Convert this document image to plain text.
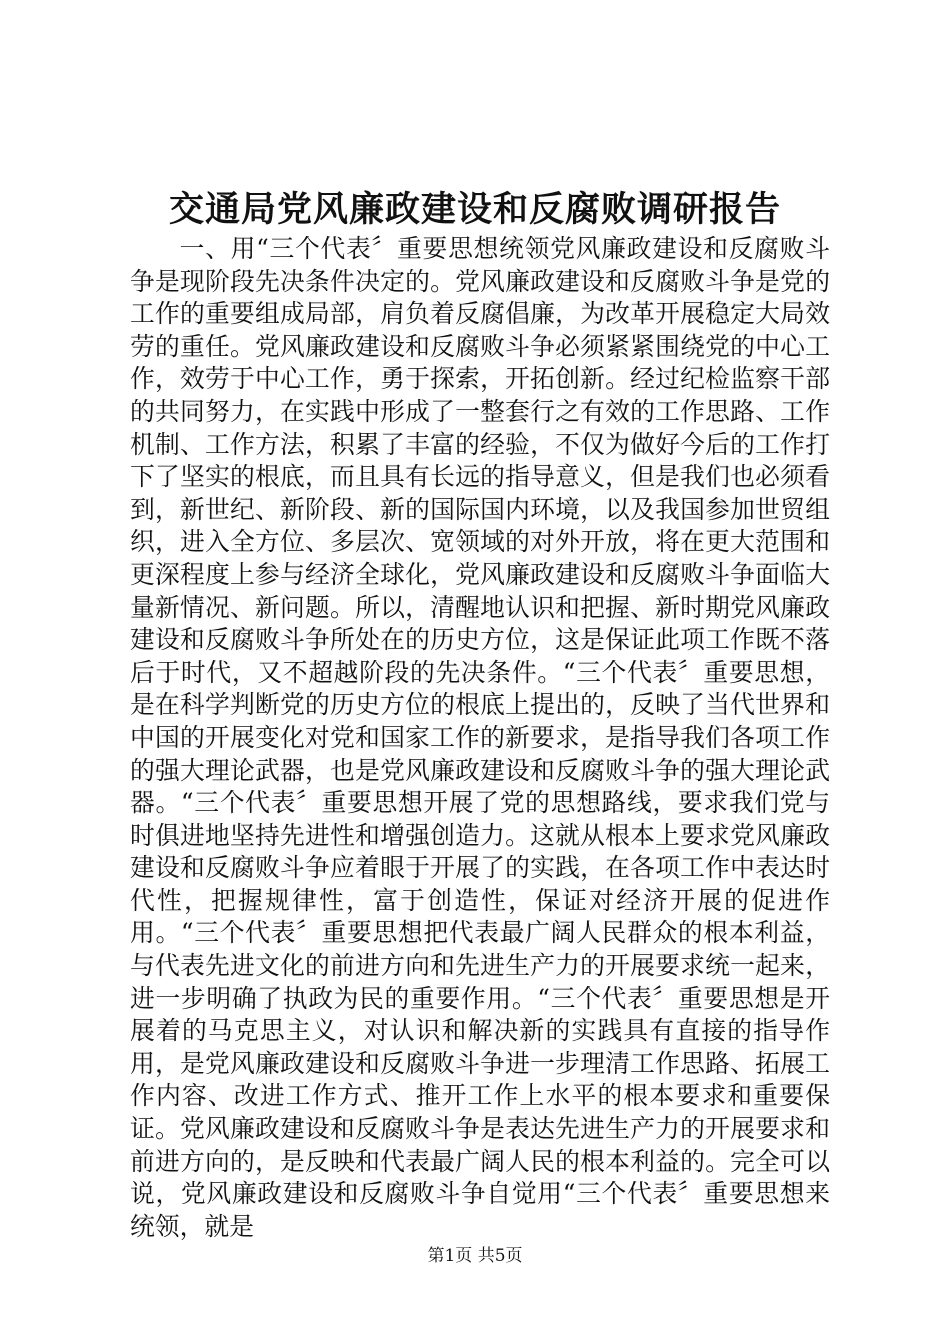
交通局党风廉政建设和反腐败调研报告

一、用“三个代表〞重要思想统领党风廉政建设和反腐败斗争是现阶段先决条件决定的。党风廉政建设和反腐败斗争是党的工作的重要组成局部，肩负着反腐倡廉，为改革开展稳定大局效劳的重任。党风廉政建设和反腐败斗争必须紧紧围绕党的中心工作，效劳于中心工作，勇于探索，开拓创新。经过纪检监察干部的共同努力，在实践中形成了一整套行之有效的工作思路、工作机制、工作方法，积累了丰富的经验，不仅为做好今后的工作打下了坚实的根底，而且具有长远的指导意义，但是我们也必须看到，新世纪、新阶段、新的国际国内环境，以及我国参加世贸组织，进入全方位、多层次、宽领域的对外开放，将在更大范围和更深程度上参与经济全球化，党风廉政建设和反腐败斗争面临大量新情况、新问题。所以，清醒地认识和把握、新时期党风廉政建设和反腐败斗争所处在的历史方位，这是保证此项工作既不落后于时代，又不超越阶段的先决条件。“三个代表〞重要思想，是在科学判断党的历史方位的根底上提出的，反映了当代世界和中国的开展变化对党和国家工作的新要求，是指导我们各项工作的强大理论武器，也是党风廉政建设和反腐败斗争的强大理论武器。“三个代表〞重要思想开展了党的思想路线，要求我们党与时俱进地坚持先进性和增强创造力。这就从根本上要求党风廉政建设和反腐败斗争应着眼于开展了的实践，在各项工作中表达时代性，把握规律性，富于创造性，保证对经济开展的促进作用。“三个代表〞重要思想把代表最广阔人民群众的根本利益，与代表先进文化的前进方向和先进生产力的开展要求统一起来，进一步明确了执政为民的重要作用。“三个代表〞重要思想是开展着的马克思主义，对认识和解决新的实践具有直接的指导作用，是党风廉政建设和反腐败斗争进一步理清工作思路、拓展工作内容、改进工作方式、推开工作上水平的根本要求和重要保证。党风廉政建设和反腐败斗争是表达先进生产力的开展要求和前进方向的，是反映和代表最广阔人民的根本利益的。完全可以说，党风廉政建设和反腐败斗争自觉用“三个代表〞重要思想来统领，就是

第1页 共5页
